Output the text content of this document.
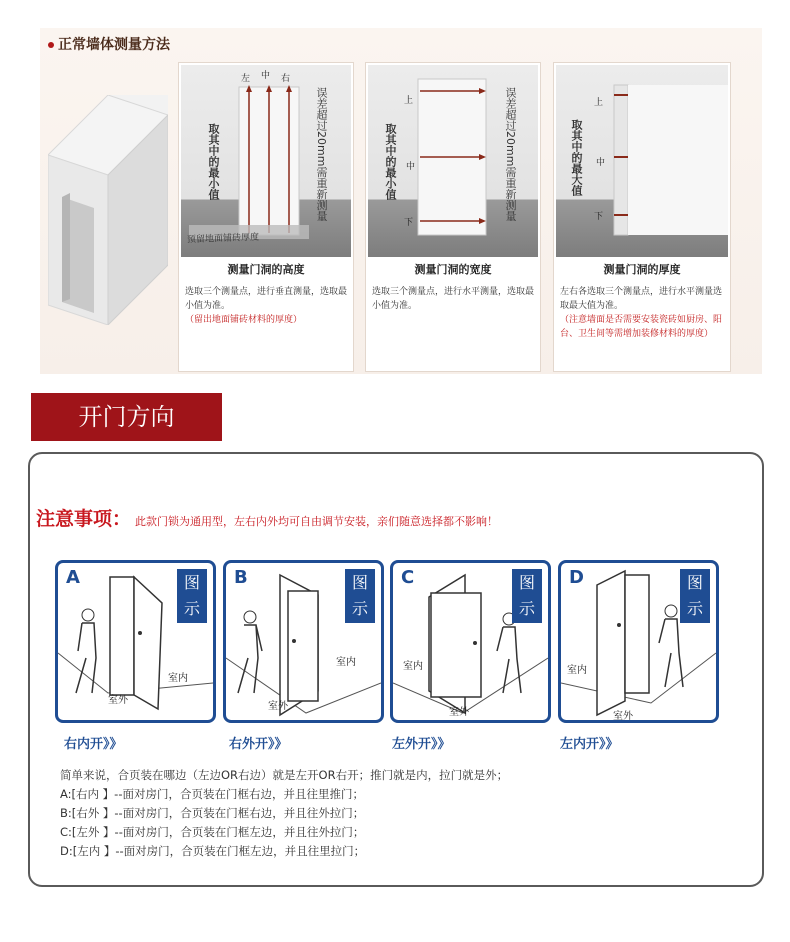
正常墙体测量方法
左 中 右
取其中的最小值	误差超过20mm需重新测量
预留地面铺砖厚度
测量门洞的高度
选取三个测量点，进行垂直测量，选取最小值为准。
（留出地面铺砖材料的厚度）
上
中
下
取其中的最小值	误差超过20mm需重新测量
测量门洞的宽度
选取三个测量点，进行水平测量，选取最小值为准。
上
中
下
取其中的最大值
测量门洞的厚度
左右各选取三个测量点，进行水平测量选取最大值为准。
（注意墙面是否需要安装瓷砖如厨房、阳台、卫生间等需增加装修材料的厚度）
开门方向
注意事项： 此款门锁为通用型，左右内外均可自由调节安装，亲们随意选择都不影响！
A	图示
室内
室外
右内开》》
B	图示
室内
室外
右外开》》
C	图示
室内
室外
左外开》》
D	图示
室内
室外
左内开》》
简单来说，合页装在哪边（左边OR右边）就是左开OR右开；推门就是内，拉门就是外；
A:[右内 】--面对房门，合页装在门框右边，并且往里推门；
B:[右外 】--面对房门，合页装在门框右边，并且往外拉门；
C:[左外 】--面对房门，合页装在门框左边，并且往外拉门；
D:[左内 】--面对房门，合页装在门框左边，并且往里拉门；
